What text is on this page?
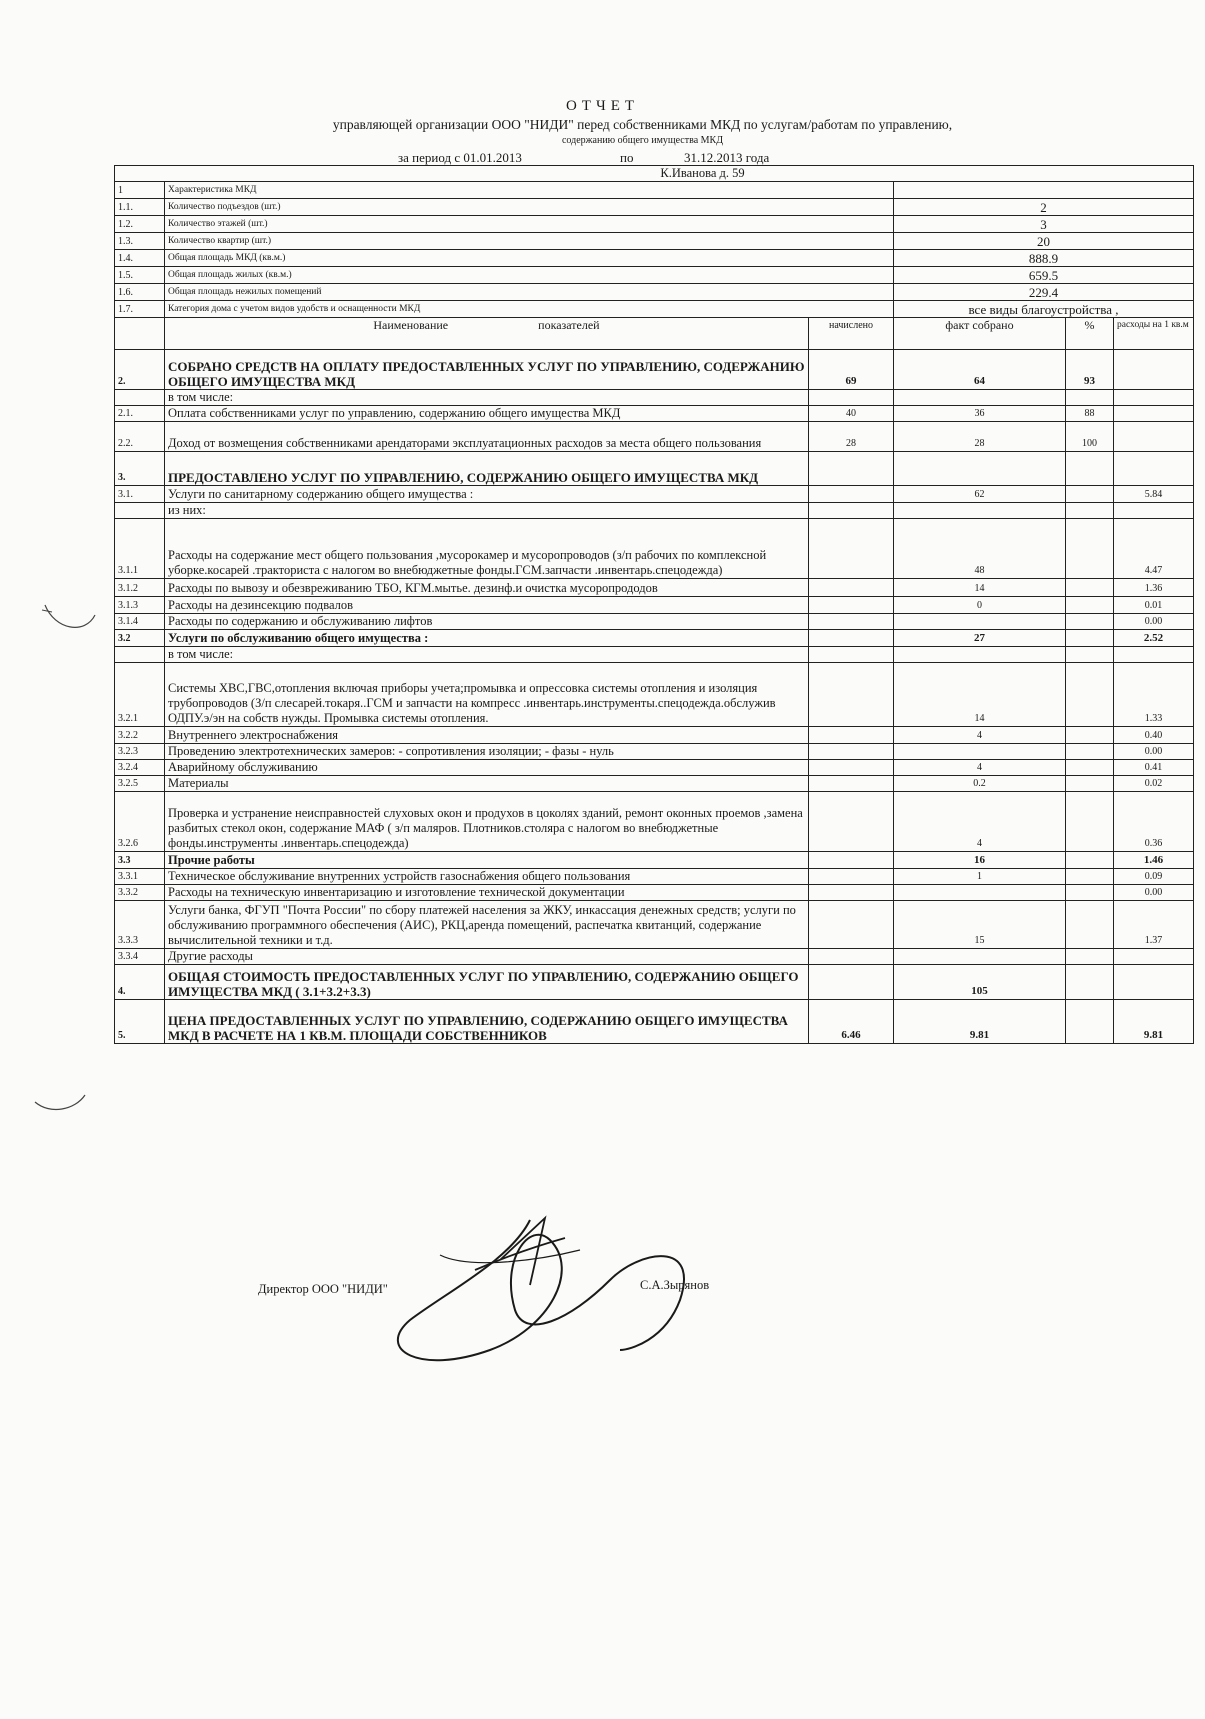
ОТЧЕТ
управляющей организации ООО "НИДИ" перед собственниками МКД по услугам/работам по управлению,
содержанию общего имущества МКД
за период с 01.01.2013	по	31.12.2013 года
К.Иванова д. 59					
1	Характеристика МКД				
1.1.	Количество подъездов (шт.)		2		
1.2.	Количество этажей (шт.)		3		
1.3.	Количество квартир (шт.)		20		
1.4.	Общая площадь МКД (кв.м.)		888.9		
1.5.	Общая площадь жилых (кв.м.)		659.5		
1.6.	Общая площадь нежилых помещений		229.4		
1.7.	Категория дома с учетом видов удобств и оснащенности МКД		все виды благоустройства ,		
	Наименование показателей	начислено	факт собрано	%	расходы на 1 кв.м
2.	СОБРАНО СРЕДСТВ НА ОПЛАТУ ПРЕДОСТАВЛЕННЫХ УСЛУГ ПО УПРАВЛЕНИЮ, СОДЕРЖАНИЮ ОБЩЕГО ИМУЩЕСТВА МКД	69	64	93	
	в том числе:				
2.1.	Оплата собственниками услуг по управлению, содержанию общего имущества МКД	40	36	88	
2.2.	Доход от возмещения собственниками арендаторами эксплуатационных расходов за места общего пользования	28	28	100	
3.	ПРЕДОСТАВЛЕНО УСЛУГ ПО УПРАВЛЕНИЮ, СОДЕРЖАНИЮ ОБЩЕГО ИМУЩЕСТВА МКД				
3.1.	Услуги по санитарному содержанию общего имущества :		62		5.84
	из них:				
3.1.1	Расходы на содержание мест общего пользования ,мусорокамер и мусоропроводов (з/п рабочих по комплексной уборке.косарей .тракториста с налогом во внебюджетные фонды.ГСМ.запчасти .инвентарь.спецодежда)		48		4.47
3.1.2	Расходы по вывозу и обезвреживанию ТБО, КГМ.мытье. дезинф.и очистка мусоропрододов		14		1.36
3.1.3	Расходы на дезинсекцию подвалов		0		0.01
3.1.4	Расходы по содержанию и обслуживанию лифтов				0.00
3.2	Услуги по обслуживанию общего имущества :		27		2.52
	в том числе:				
3.2.1	Системы ХВС,ГВС,отопления включая приборы учета;промывка и опрессовка системы отопления и изоляция трубопроводов (З/п слесарей.токаря..ГСМ и запчасти на компресс .инвентарь.инструменты.спецодежда.обслужив ОДПУ.э/эн на собств нужды. Промывка системы отопления.		14		1.33
3.2.2	Внутреннего электроснабжения		4		0.40
3.2.3	Проведению электротехнических замеров: - сопротивления изоляции; - фазы - нуль				0.00
3.2.4	Аварийному обслуживанию		4		0.41
3.2.5	Материалы		0.2		0.02
3.2.6	Проверка и устранение неисправностей слуховых окон и продухов в цоколях зданий, ремонт оконных проемов ,замена разбитых стекол окон, содержание МАФ ( з/п маляров. Плотников.столяра с налогом во внебюджетные фонды.инструменты .инвентарь.спецодежда)		4		0.36
3.3	Прочие работы		16		1.46
3.3.1	Техническое обслуживание внутренних устройств газоснабжения общего пользования		1		0.09
3.3.2	Расходы на техническую инвентаризацию и изготовление технической документации				0.00
3.3.3	Услуги банка, ФГУП "Почта России" по сбору платежей населения за ЖКУ, инкассация денежных средств; услуги по обслуживанию программного обеспечения (АИС), РКЦ,аренда помещений, распечатка квитанций, содержание вычислительной техники и т.д.		15		1.37
3.3.4	Другие расходы				
4.	ОБЩАЯ СТОИМОСТЬ ПРЕДОСТАВЛЕННЫХ УСЛУГ ПО УПРАВЛЕНИЮ, СОДЕРЖАНИЮ ОБЩЕГО ИМУЩЕСТВА МКД ( 3.1+3.2+3.3)		105		
5.	ЦЕНА ПРЕДОСТАВЛЕННЫХ УСЛУГ ПО УПРАВЛЕНИЮ, СОДЕРЖАНИЮ ОБЩЕГО ИМУЩЕСТВА МКД В РАСЧЕТЕ НА 1 КВ.М. ПЛОЩАДИ СОБСТВЕННИКОВ	6.46	9.81		9.81
Директор ООО "НИДИ"	С.А.Зырянов
